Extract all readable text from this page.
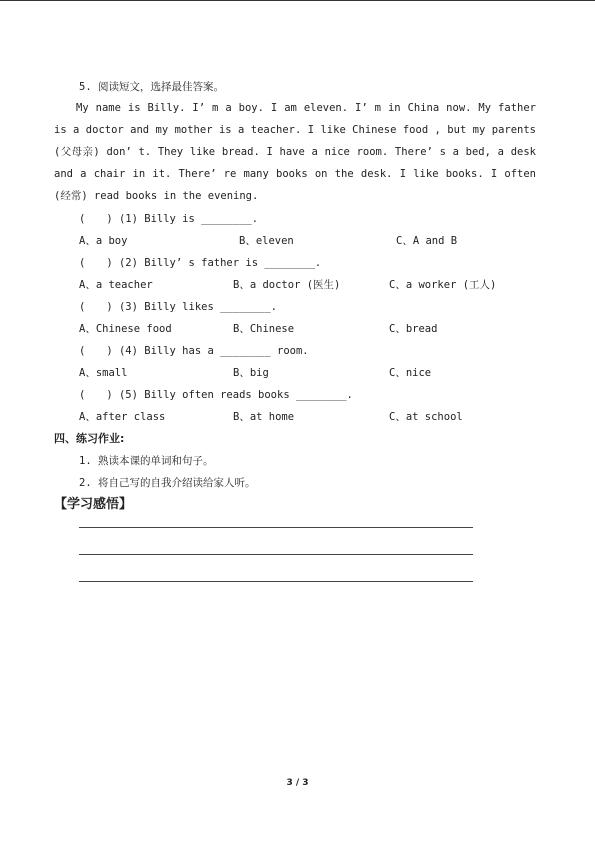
5. 阅读短文，选择最佳答案。
My name is Billy. I’ m a boy. I am eleven. I’ m in China now. My father is a doctor and my mother is a teacher. I like Chinese food , but my parents (父母亲) don’ t. They like bread. I have a nice room. There’ s a bed, a desk and a chair in it. There’ re many books on the desk. I like books. I often (经常) read books in the evening.
(　　) (1) Billy is ________.
A、a boy	B、eleven	C、A and B
(　　) (2) Billy’ s father is ________.
A、a teacher	B、a doctor (医生)	C、a worker (工人)
(　　) (3) Billy likes ________.
A、Chinese food	B、Chinese	C、bread
(　　) (4) Billy has a ________ room.
A、small	B、big	C、nice
(　　) (5) Billy often reads books ________.
A、after class	B、at home	C、at school
四、练习作业:
1. 熟读本课的单词和句子。
2. 将自己写的自我介绍读给家人听。
【学习感悟】
3 / 3
